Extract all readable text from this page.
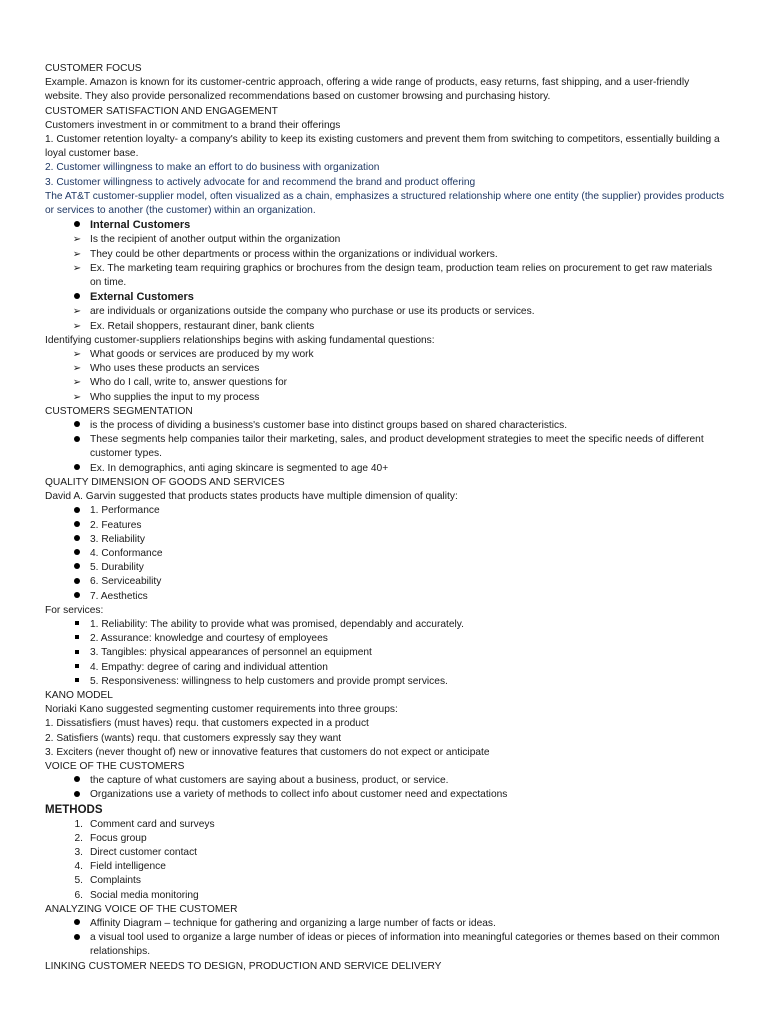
CUSTOMER FOCUS

Example. Amazon is known for its customer-centric approach, offering a wide range of products, easy returns, fast shipping, and a user-friendly website. They also provide personalized recommendations based on customer browsing and purchasing history.

CUSTOMER SATISFACTION AND ENGAGEMENT

Customers investment in or commitment to a brand their offerings

1. Customer retention loyalty- a company's ability to keep its existing customers and prevent them from switching to competitors, essentially building a loyal customer base.

2. Customer willingness to make an effort to do business with organization

3. Customer willingness to actively advocate for and recommend the brand and product offering

The AT&T customer-supplier model, often visualized as a chain, emphasizes a structured relationship where one entity (the supplier) provides products or services to another (the customer) within an organization.

Internal Customers
➢ Is the recipient of another output within the organization
➢ They could be other departments or process within the organizations or individual workers.
➢ Ex. The marketing team requiring graphics or brochures from the design team, production team relies on procurement to get raw materials on time.
External Customers
➢ are individuals or organizations outside the company who purchase or use its products or services.
➢ Ex. Retail shoppers, restaurant diner, bank clients

Identifying customer-suppliers relationships begins with asking fundamental questions:

➢ What goods or services are produced by my work
➢ Who uses these products an services
➢ Who do I call, write to, answer questions for
➢ Who supplies the input to my process

CUSTOMERS SEGMENTATION

is the process of dividing a business's customer base into distinct groups based on shared characteristics.
These segments help companies tailor their marketing, sales, and product development strategies to meet the specific needs of different customer types.
Ex. In demographics, anti aging skincare is segmented to age 40+

QUALITY DIMENSION OF GOODS AND SERVICES

David A. Garvin suggested that products states products have multiple dimension of quality:

1. Performance
2. Features
3. Reliability
4. Conformance
5. Durability
6. Serviceability
7. Aesthetics

For services:

1. Reliability: The ability to provide what was promised, dependably and accurately.
2. Assurance: knowledge and courtesy of employees
3. Tangibles: physical appearances of personnel an equipment
4. Empathy: degree of caring and individual attention
5. Responsiveness: willingness to help customers and provide prompt services.

KANO MODEL

Noriaki Kano suggested segmenting customer requirements into three groups:

1. Dissatisfiers (must haves) requ. that customers expected in a product

2. Satisfiers (wants) requ. that customers expressly say they want

3. Exciters (never thought of) new or innovative features that customers do not expect or anticipate

VOICE OF THE CUSTOMERS

the capture of what customers are saying about a business, product, or service.
Organizations use a variety of methods to collect info about customer need and expectations

METHODS

1. Comment card and surveys
2. Focus group
3. Direct customer contact
4. Field intelligence
5. Complaints
6. Social media monitoring

ANALYZING VOICE OF THE CUSTOMER

Affinity Diagram – technique for gathering and organizing a large number of facts or ideas.
a visual tool used to organize a large number of ideas or pieces of information into meaningful categories or themes based on their common relationships.

LINKING CUSTOMER NEEDS TO DESIGN, PRODUCTION AND SERVICE DELIVERY
